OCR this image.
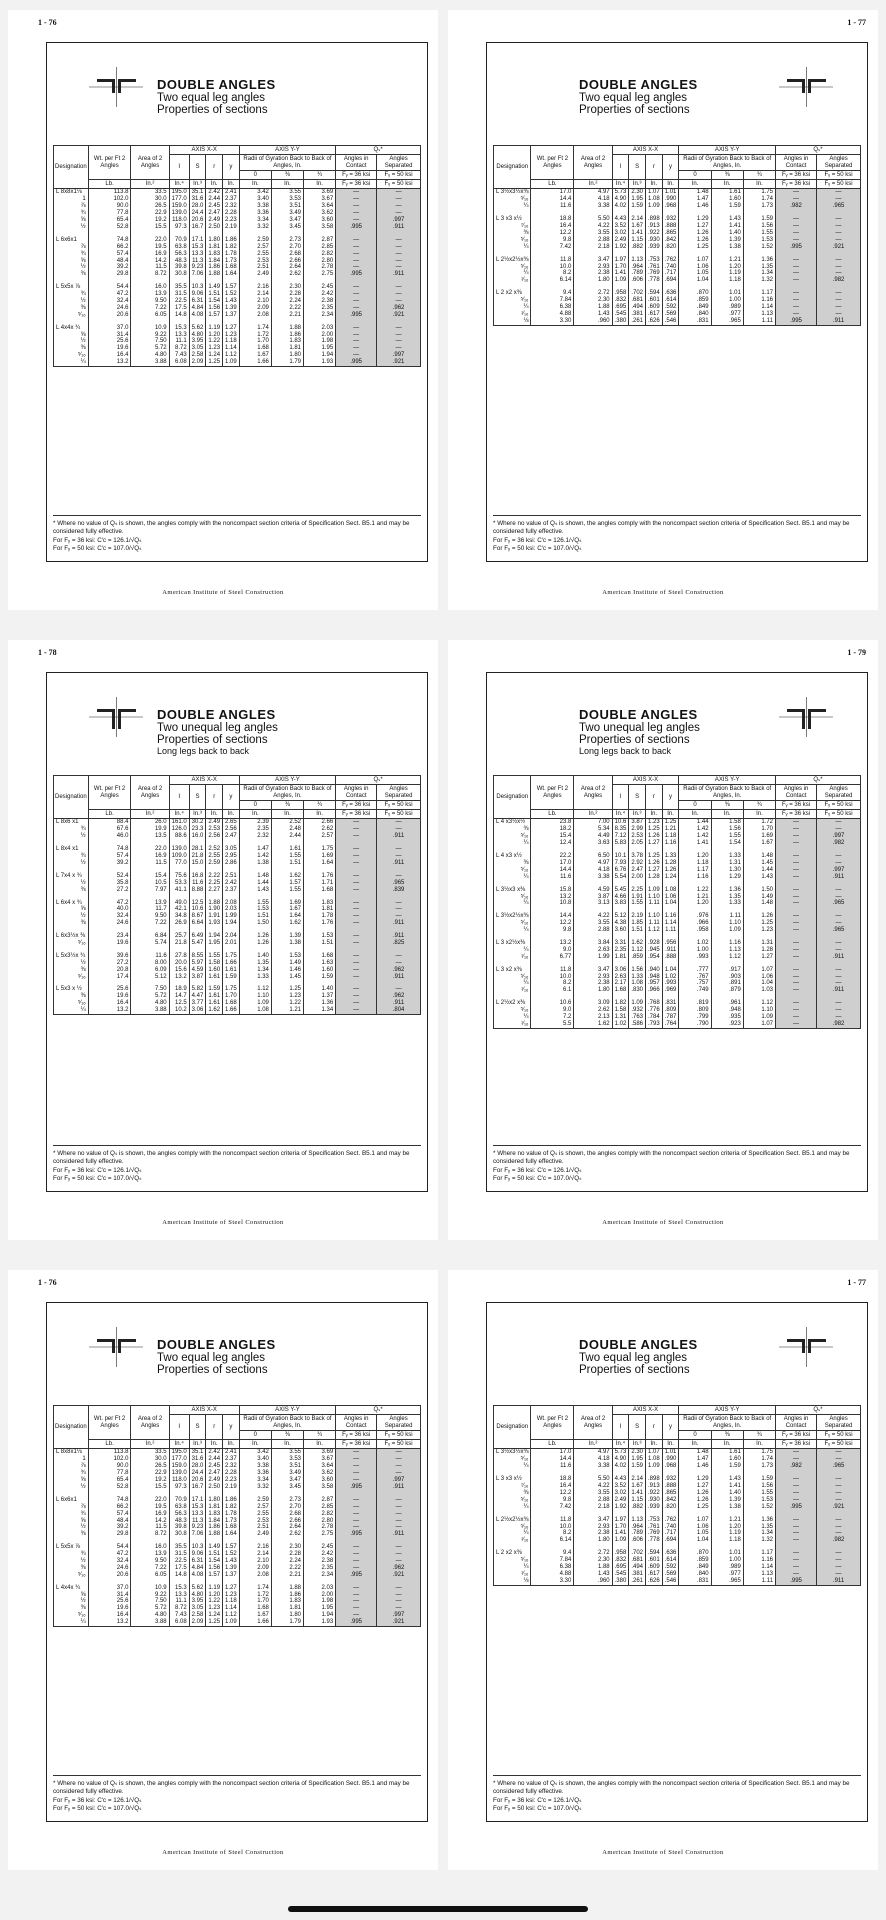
1 - 76
DOUBLE ANGLES
Two equal leg angles
Properties of sections
Designation	Wt. per Ft 2 Angles	Area of 2 Angles	AXIS X-X				AXIS Y-Y			Qₛ*	
			I	S	r	y	Radii of Gyration Back to Back of Angles, In.			Angles in Contact	Angles Separated
							0	⅜	¾	Fᵧ = 36 ksi	Fᵧ = 50 ksi
	Lb.	In.²	In.⁴	In.³	In.	In.	In.	In.	In.	Fᵧ = 36 ksi	Fᵧ = 50 ksi
L 8x8x1⅛	113.8	33.5	195.0	35.1	2.42	2.41	3.42	3.55	3.69	—	—
1	102.0	30.0	177.0	31.6	2.44	2.37	3.40	3.53	3.67	—	—
⅞	90.0	26.5	159.0	28.0	2.45	2.32	3.38	3.51	3.64	—	—
¾	77.8	22.9	139.0	24.4	2.47	2.28	3.36	3.49	3.62	—	—
⅝	65.4	19.2	118.0	20.6	2.49	2.23	3.34	3.47	3.60	—	.997
½	52.8	15.5	97.3	16.7	2.50	2.19	3.32	3.45	3.58	.995	.911

L 6x6x1	74.8	22.0	70.9	17.1	1.80	1.86	2.59	2.73	2.87	—	—
⅞	66.2	19.5	63.8	15.3	1.81	1.82	2.57	2.70	2.85	—	—
¾	57.4	16.9	56.3	13.3	1.83	1.78	2.55	2.68	2.82	—	—
⅝	48.4	14.2	48.3	11.3	1.84	1.73	2.53	2.66	2.80	—	—
½	39.2	11.5	39.8	9.23	1.86	1.68	2.51	2.64	2.78	—	—
⅜	29.8	8.72	30.8	7.06	1.88	1.64	2.49	2.62	2.75	.995	.911

L 5x5x ⅞	54.4	16.0	35.5	10.3	1.49	1.57	2.16	2.30	2.45	—	—
¾	47.2	13.9	31.5	9.06	1.51	1.52	2.14	2.28	2.42	—	—
½	32.4	9.50	22.5	6.31	1.54	1.43	2.10	2.24	2.38	—	—
⅜	24.6	7.22	17.5	4.84	1.56	1.39	2.09	2.22	2.35	—	.962
⁵⁄₁₆	20.6	6.05	14.8	4.08	1.57	1.37	2.08	2.21	2.34	.995	.921

L 4x4x ¾	37.0	10.9	15.3	5.62	1.19	1.27	1.74	1.88	2.03	—	—
⅝	31.4	9.22	13.3	4.80	1.20	1.23	1.72	1.86	2.00	—	—
½	25.6	7.50	11.1	3.95	1.22	1.18	1.70	1.83	1.98	—	—
⅜	19.6	5.72	8.72	3.05	1.23	1.14	1.68	1.81	1.95	—	—
⁵⁄₁₆	16.4	4.80	7.43	2.58	1.24	1.12	1.67	1.80	1.94	—	.997
¼	13.2	3.88	6.08	2.09	1.25	1.09	1.66	1.79	1.93	.995	.921
* Where no value of Qₛ is shown, the angles comply with the noncompact section criteria of Specification Sect. B5.1 and may be considered fully effective.
For Fᵧ = 36 ksi: C′c = 126.1/√Qₛ
For Fᵧ = 50 ksi: C′c = 107.0/√Qₛ
American Institute of Steel Construction
1 - 77
DOUBLE ANGLES
Two equal leg angles
Properties of sections
Designation	Wt. per Ft 2 Angles	Area of 2 Angles	AXIS X-X				AXIS Y-Y			Qₛ*	
			I	S	r	y	Radii of Gyration Back to Back of Angles, In.			Angles in Contact	Angles Separated
							0	⅜	¾	Fᵧ = 36 ksi	Fᵧ = 50 ksi
	Lb.	In.²	In.⁴	In.³	In.	In.	In.	In.	In.	Fᵧ = 36 ksi	Fᵧ = 50 ksi
L 3½x3½x⅜	17.0	4.97	5.73	2.30	1.07	1.01	1.48	1.61	1.75	—	—
⁵⁄₁₆	14.4	4.18	4.90	1.95	1.08	.990	1.47	1.60	1.74	—	—
¼	11.6	3.38	4.02	1.59	1.09	.968	1.46	1.59	1.73	.982	.965

L 3 x3 x½	18.8	5.50	4.43	2.14	.898	.932	1.29	1.43	1.59	—	—
⁷⁄₁₆	16.4	4.22	3.52	1.67	.913	.888	1.27	1.41	1.56	—	—
⅜	12.2	3.55	3.02	1.41	.922	.865	1.26	1.40	1.55	—	—
⁵⁄₁₆	9.8	2.88	2.49	1.15	.930	.842	1.26	1.39	1.53	—	—
¼	7.42	2.18	1.92	.882	.939	.820	1.25	1.38	1.52	.995	.921

L 2½x2½x⅜	11.8	3.47	1.97	1.13	.753	.762	1.07	1.21	1.36	—	—
⁵⁄₁₆	10.0	2.93	1.70	.964	.761	.740	1.06	1.20	1.35	—	—
¼	8.2	2.38	1.41	.789	.769	.717	1.05	1.19	1.34	—	—
⁳⁄₁₆	6.14	1.80	1.09	.606	.778	.694	1.04	1.18	1.32	—	.982

L 2 x2 x⅜	9.4	2.72	.958	.702	.594	.636	.870	1.01	1.17	—	—
⁵⁄₁₆	7.84	2.30	.832	.681	.601	.614	.859	1.00	1.16	—	—
¼	6.38	1.88	.695	.494	.609	.592	.849	.989	1.14	—	—
⁳⁄₁₆	4.88	1.43	.545	.381	.617	.569	.840	.977	1.13	—	—
⅛	3.30	.960	.380	.261	.626	.546	.831	.965	1.11	.995	.911
* Where no value of Qₛ is shown, the angles comply with the noncompact section criteria of Specification Sect. B5.1 and may be considered fully effective.
For Fᵧ = 36 ksi: C′c = 126.1/√Qₛ
For Fᵧ = 50 ksi: C′c = 107.0/√Qₛ
American Institute of Steel Construction
1 - 78
DOUBLE ANGLES
Two unequal leg angles
Properties of sections
Long legs back to back
Designation	Wt. per Ft 2 Angles	Area of 2 Angles	AXIS X-X				AXIS Y-Y			Qₛ*	
			I	S	r	y	Radii of Gyration Back to Back of Angles, In.			Angles in Contact	Angles Separated
							0	⅜	¾	Fᵧ = 36 ksi	Fᵧ = 50 ksi
	Lb.	In.²	In.⁴	In.³	In.	In.	In.	In.	In.	Fᵧ = 36 ksi	Fᵧ = 50 ksi
L 8x6 x1	88.4	26.0	161.0	30.2	2.49	2.65	2.39	2.52	2.66	—	—
¾	67.6	19.9	126.0	23.3	2.53	2.56	2.35	2.48	2.62	—	—
½	46.0	13.5	88.6	16.0	2.56	2.47	2.32	2.44	2.57	—	.911

L 8x4 x1	74.8	22.0	139.0	28.1	2.52	3.05	1.47	1.61	1.75	—	—
¾	57.4	16.9	109.0	21.8	2.55	2.95	1.42	1.55	1.69	—	—
½	39.2	11.5	77.0	15.0	2.59	2.86	1.38	1.51	1.64	—	.911

L 7x4 x ¾	52.4	15.4	75.6	16.8	2.22	2.51	1.48	1.62	1.76	—	—
½	35.8	10.5	53.3	11.6	2.25	2.42	1.44	1.57	1.71	—	.965
⅜	27.2	7.97	41.1	8.88	2.27	2.37	1.43	1.55	1.68	—	.839

L 6x4 x ¾	47.2	13.9	49.0	12.5	1.88	2.08	1.55	1.69	1.83	—	—
⅝	40.0	11.7	42.1	10.6	1.90	2.03	1.53	1.67	1.81	—	—
½	32.4	9.50	34.8	8.67	1.91	1.99	1.51	1.64	1.78	—	—
⅜	24.6	7.22	26.9	6.64	1.93	1.94	1.50	1.62	1.76	—	.911

L 6x3½x ⅜	23.4	6.84	25.7	6.49	1.94	2.04	1.26	1.39	1.53	—	.911
⁵⁄₁₆	19.6	5.74	21.8	5.47	1.95	2.01	1.26	1.38	1.51	—	.825

L 5x3½x ¾	39.6	11.6	27.8	8.55	1.55	1.75	1.40	1.53	1.68	—	—
½	27.2	8.00	20.0	5.97	1.58	1.66	1.35	1.49	1.63	—	—
⅜	20.8	6.09	15.6	4.59	1.60	1.61	1.34	1.46	1.60	—	.962
⁵⁄₁₆	17.4	5.12	13.2	3.87	1.61	1.59	1.33	1.45	1.59	—	.911

L 5x3 x ½	25.6	7.50	18.9	5.82	1.59	1.75	1.12	1.25	1.40	—	—
⅜	19.6	5.72	14.7	4.47	1.61	1.70	1.10	1.23	1.37	—	.962
⁵⁄₁₆	16.4	4.80	12.5	3.77	1.61	1.68	1.09	1.22	1.36	—	.911
¼	13.2	3.88	10.2	3.06	1.62	1.66	1.08	1.21	1.34	—	.804
* Where no value of Qₛ is shown, the angles comply with the noncompact section criteria of Specification Sect. B5.1 and may be considered fully effective.
For Fᵧ = 36 ksi: C′c = 126.1/√Qₛ
For Fᵧ = 50 ksi: C′c = 107.0/√Qₛ
American Institute of Steel Construction
1 - 79
DOUBLE ANGLES
Two unequal leg angles
Properties of sections
Long legs back to back
Designation	Wt. per Ft 2 Angles	Area of 2 Angles	AXIS X-X				AXIS Y-Y			Qₛ*	
			I	S	r	y	Radii of Gyration Back to Back of Angles, In.			Angles in Contact	Angles Separated
							0	⅜	¾	Fᵧ = 36 ksi	Fᵧ = 50 ksi
	Lb.	In.²	In.⁴	In.³	In.	In.	In.	In.	In.	Fᵧ = 36 ksi	Fᵧ = 50 ksi
L 4 x3½x½	23.8	7.00	10.6	3.87	1.23	1.25	1.44	1.58	1.72	—	—
⅜	18.2	5.34	8.35	2.99	1.25	1.21	1.42	1.56	1.70	—	—
⁵⁄₁₆	15.4	4.49	7.12	2.53	1.26	1.18	1.42	1.55	1.69	—	.997
¼	12.4	3.63	5.83	2.05	1.27	1.16	1.41	1.54	1.67	—	.982

L 4 x3 x½	22.2	6.50	10.1	3.78	1.25	1.33	1.20	1.33	1.48	—	—
⅜	17.0	4.97	7.93	2.92	1.26	1.28	1.18	1.31	1.45	—	—
⁵⁄₁₆	14.4	4.18	6.76	2.47	1.27	1.26	1.17	1.30	1.44	—	.997
¼	11.6	3.38	5.54	2.00	1.28	1.24	1.16	1.29	1.43	—	.911

L 3½x3 x⅜	15.8	4.59	5.45	2.25	1.09	1.08	1.22	1.36	1.50	—	—
⁵⁄₁₆	13.2	3.87	4.66	1.91	1.10	1.06	1.21	1.35	1.49	—	—
¼	10.8	3.13	3.83	1.55	1.11	1.04	1.20	1.33	1.48	—	.965

L 3½x2½x⅜	14.4	4.22	5.12	2.19	1.10	1.16	.976	1.11	1.26	—	—
⁵⁄₁₆	12.2	3.55	4.38	1.85	1.11	1.14	.966	1.10	1.25	—	—
¼	9.8	2.88	3.60	1.51	1.12	1.11	.958	1.09	1.23	—	.965

L 3 x2½x⅜	13.2	3.84	3.31	1.62	.928	.956	1.02	1.16	1.31	—	—
¼	9.0	2.63	2.35	1.12	.945	.911	1.00	1.13	1.28	—	—
⁳⁄₁₆	6.77	1.99	1.81	.859	.954	.888	.993	1.12	1.27	—	.911

L 3 x2 x⅜	11.8	3.47	3.06	1.56	.940	1.04	.777	.917	1.07	—	—
⁵⁄₁₆	10.0	2.93	2.63	1.33	.948	1.02	.767	.903	1.06	—	—
¼	8.2	2.38	2.17	1.08	.957	.993	.757	.891	1.04	—	—
⁳⁄₁₆	6.1	1.80	1.68	.830	.966	.969	.749	.879	1.03	—	.911

L 2½x2 x⅜	10.6	3.09	1.82	1.09	.768	.831	.819	.961	1.12	—	—
⁵⁄₁₆	9.0	2.62	1.58	.932	.776	.809	.809	.948	1.10	—	—
¼	7.2	2.13	1.31	.763	.784	.787	.799	.935	1.09	—	—
⁳⁄₁₆	5.5	1.62	1.02	.586	.793	.764	.790	.923	1.07	—	.982
* Where no value of Qₛ is shown, the angles comply with the noncompact section criteria of Specification Sect. B5.1 and may be considered fully effective.
For Fᵧ = 36 ksi: C′c = 126.1/√Qₛ
For Fᵧ = 50 ksi: C′c = 107.0/√Qₛ
American Institute of Steel Construction
1 - 76
DOUBLE ANGLES
Two equal leg angles
Properties of sections
Designation	Wt. per Ft 2 Angles	Area of 2 Angles	AXIS X-X				AXIS Y-Y			Qₛ*	
			I	S	r	y	Radii of Gyration Back to Back of Angles, In.			Angles in Contact	Angles Separated
							0	⅜	¾	Fᵧ = 36 ksi	Fᵧ = 50 ksi
	Lb.	In.²	In.⁴	In.³	In.	In.	In.	In.	In.	Fᵧ = 36 ksi	Fᵧ = 50 ksi
L 8x8x1⅛	113.8	33.5	195.0	35.1	2.42	2.41	3.42	3.55	3.69	—	—
1	102.0	30.0	177.0	31.6	2.44	2.37	3.40	3.53	3.67	—	—
⅞	90.0	26.5	159.0	28.0	2.45	2.32	3.38	3.51	3.64	—	—
¾	77.8	22.9	139.0	24.4	2.47	2.28	3.36	3.49	3.62	—	—
⅝	65.4	19.2	118.0	20.6	2.49	2.23	3.34	3.47	3.60	—	.997
½	52.8	15.5	97.3	16.7	2.50	2.19	3.32	3.45	3.58	.995	.911

L 6x6x1	74.8	22.0	70.9	17.1	1.80	1.86	2.59	2.73	2.87	—	—
⅞	66.2	19.5	63.8	15.3	1.81	1.82	2.57	2.70	2.85	—	—
¾	57.4	16.9	56.3	13.3	1.83	1.78	2.55	2.68	2.82	—	—
⅝	48.4	14.2	48.3	11.3	1.84	1.73	2.53	2.66	2.80	—	—
½	39.2	11.5	39.8	9.23	1.86	1.68	2.51	2.64	2.78	—	—
⅜	29.8	8.72	30.8	7.06	1.88	1.64	2.49	2.62	2.75	.995	.911

L 5x5x ⅞	54.4	16.0	35.5	10.3	1.49	1.57	2.16	2.30	2.45	—	—
¾	47.2	13.9	31.5	9.06	1.51	1.52	2.14	2.28	2.42	—	—
½	32.4	9.50	22.5	6.31	1.54	1.43	2.10	2.24	2.38	—	—
⅜	24.6	7.22	17.5	4.84	1.56	1.39	2.09	2.22	2.35	—	.962
⁵⁄₁₆	20.6	6.05	14.8	4.08	1.57	1.37	2.08	2.21	2.34	.995	.921

L 4x4x ¾	37.0	10.9	15.3	5.62	1.19	1.27	1.74	1.88	2.03	—	—
⅝	31.4	9.22	13.3	4.80	1.20	1.23	1.72	1.86	2.00	—	—
½	25.6	7.50	11.1	3.95	1.22	1.18	1.70	1.83	1.98	—	—
⅜	19.6	5.72	8.72	3.05	1.23	1.14	1.68	1.81	1.95	—	—
⁵⁄₁₆	16.4	4.80	7.43	2.58	1.24	1.12	1.67	1.80	1.94	—	.997
¼	13.2	3.88	6.08	2.09	1.25	1.09	1.66	1.79	1.93	.995	.921
* Where no value of Qₛ is shown, the angles comply with the noncompact section criteria of Specification Sect. B5.1 and may be considered fully effective.
For Fᵧ = 36 ksi: C′c = 126.1/√Qₛ
For Fᵧ = 50 ksi: C′c = 107.0/√Qₛ
American Institute of Steel Construction
1 - 77
DOUBLE ANGLES
Two equal leg angles
Properties of sections
Designation	Wt. per Ft 2 Angles	Area of 2 Angles	AXIS X-X				AXIS Y-Y			Qₛ*	
			I	S	r	y	Radii of Gyration Back to Back of Angles, In.			Angles in Contact	Angles Separated
							0	⅜	¾	Fᵧ = 36 ksi	Fᵧ = 50 ksi
	Lb.	In.²	In.⁴	In.³	In.	In.	In.	In.	In.	Fᵧ = 36 ksi	Fᵧ = 50 ksi
L 3½x3½x⅜	17.0	4.97	5.73	2.30	1.07	1.01	1.48	1.61	1.75	—	—
⁵⁄₁₆	14.4	4.18	4.90	1.95	1.08	.990	1.47	1.60	1.74	—	—
¼	11.6	3.38	4.02	1.59	1.09	.968	1.46	1.59	1.73	.982	.965

L 3 x3 x½	18.8	5.50	4.43	2.14	.898	.932	1.29	1.43	1.59	—	—
⁷⁄₁₆	16.4	4.22	3.52	1.67	.913	.888	1.27	1.41	1.56	—	—
⅜	12.2	3.55	3.02	1.41	.922	.865	1.26	1.40	1.55	—	—
⁵⁄₁₆	9.8	2.88	2.49	1.15	.930	.842	1.26	1.39	1.53	—	—
¼	7.42	2.18	1.92	.882	.939	.820	1.25	1.38	1.52	.995	.921

L 2½x2½x⅜	11.8	3.47	1.97	1.13	.753	.762	1.07	1.21	1.36	—	—
⁵⁄₁₆	10.0	2.93	1.70	.964	.761	.740	1.06	1.20	1.35	—	—
¼	8.2	2.38	1.41	.789	.769	.717	1.05	1.19	1.34	—	—
⁳⁄₁₆	6.14	1.80	1.09	.606	.778	.694	1.04	1.18	1.32	—	.982

L 2 x2 x⅜	9.4	2.72	.958	.702	.594	.636	.870	1.01	1.17	—	—
⁵⁄₁₆	7.84	2.30	.832	.681	.601	.614	.859	1.00	1.16	—	—
¼	6.38	1.88	.695	.494	.609	.592	.849	.989	1.14	—	—
⁳⁄₁₆	4.88	1.43	.545	.381	.617	.569	.840	.977	1.13	—	—
⅛	3.30	.960	.380	.261	.626	.546	.831	.965	1.11	.995	.911
* Where no value of Qₛ is shown, the angles comply with the noncompact section criteria of Specification Sect. B5.1 and may be considered fully effective.
For Fᵧ = 36 ksi: C′c = 126.1/√Qₛ
For Fᵧ = 50 ksi: C′c = 107.0/√Qₛ
American Institute of Steel Construction
